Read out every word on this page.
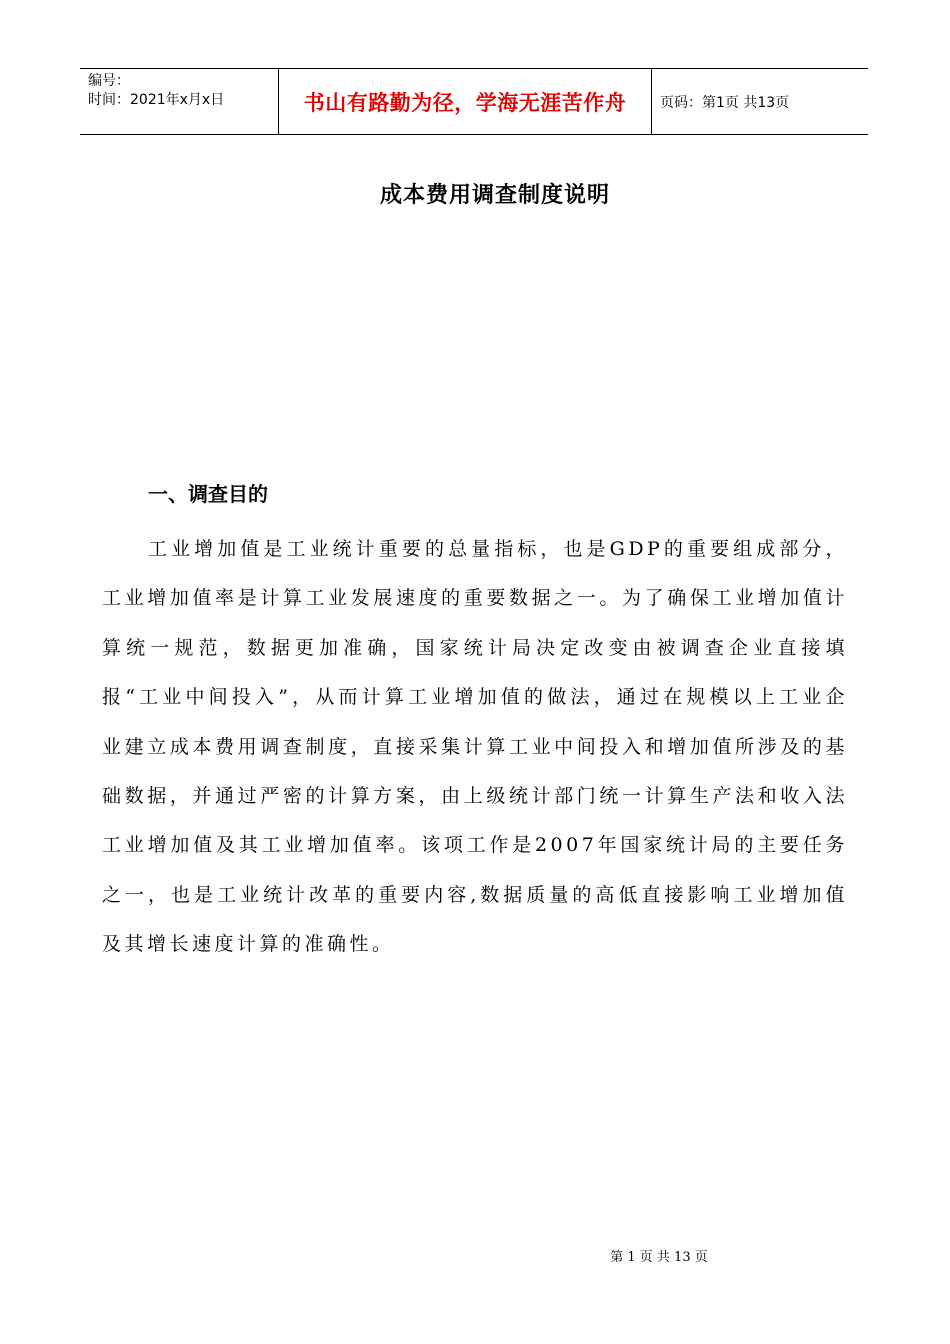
编号：
时间：2021年x月x日	书山有路勤为径，学海无涯苦作舟 页码：第1页 共13页
成本费用调查制度说明
一、调查目的

工业增加值是工业统计重要的总量指标，也是GDP的重要组成部分，工业增加值率是计算工业发展速度的重要数据之一。为了确保工业增加值计算统一规范，数据更加准确，国家统计局决定改变由被调查企业直接填报“工业中间投入”，从而计算工业增加值的做法，通过在规模以上工业企业建立成本费用调查制度，直接采集计算工业中间投入和增加值所涉及的基础数据，并通过严密的计算方案，由上级统计部门统一计算生产法和收入法工业增加值及其工业增加值率。该项工作是2007年国家统计局的主要任务之一，也是工业统计改革的重要内容,数据质量的高低直接影响工业增加值及其增长速度计算的准确性。

第 1 页 共 13 页
